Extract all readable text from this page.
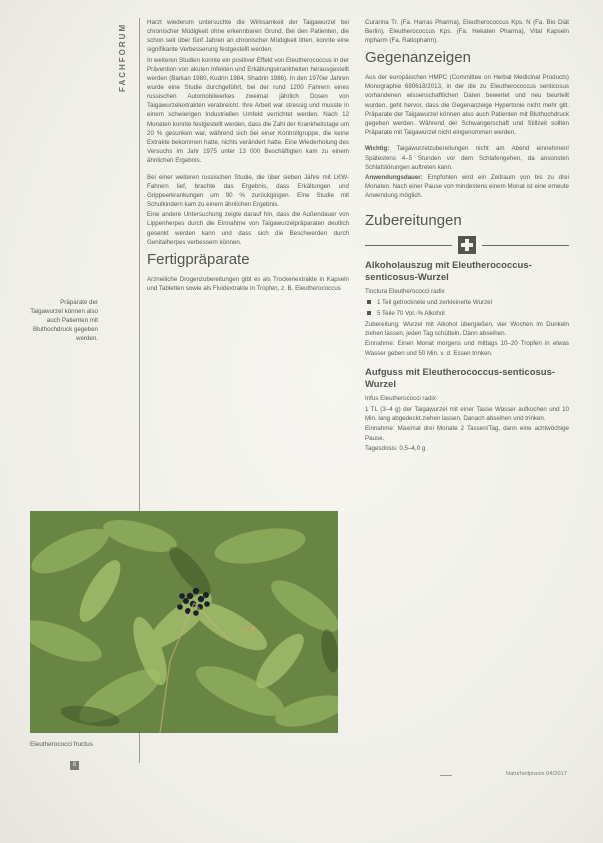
FACHFORUM
Präparate der Taigawurzel können also auch Patienten mit Bluthochdruck gegeben werden.

Harzt wiederum untersuchte die Wirksamkeit der Taigawurzel bei chronischer Müdigkeit ohne erkennbaren Grund. Bei den Patienten, die schon seit über fünf Jahren an chronischer Müdigkeit litten, konnte eine signifikante Verbesserung festgestellt werden.

In weiteren Studien konnte ein positiver Effekt von Eleutherococcus in der Prävention von akuten Infekten und Erkältungskrankheiten herausgestellt werden (Barkan 1980, Kudrin 1984, Shadrin 1986). In den 1970er Jahren wurde eine Studie durchgeführt, bei der rund 1200 Fahrern eines russischen Automobilwerkes zweimal jährlich Dosen von Taigawurzelextrakten verabreicht. Ihre Arbeit war stressig und musste in einem schwierigen Industriellen Umfeld verrichtet werden. Nach 12 Monaten konnte festgestellt werden, dass die Zahl der Krankheitstage um 20 % gesunken war, während sich bei einer Kontrollgruppe, die keine Extrakte bekommen hatte, nichts verändert hatte. Eine Wiederholung des Versuchs im Jahr 1975 unter 13 000 Beschäftigten kam zu einem ähnlichen Ergebnis.

Bei einer weiteren russischen Studie, die über sieben Jahre mit LKW-Fahrern lief, brachte das Ergebnis, dass Erkältungen und Grippeerkrankungen um 90 % zurückgingen. Eine Studie mit Schulkindern kam zu einem ähnlichen Ergebnis.

Eine andere Untersuchung zeigte darauf hin, dass die Außendauer von Lippenherpes durch die Einnahme von Taigawurzelpräparaten deutlich gesenkt werden kann und dass sich die Beschwerden durch Genitalherpes verbessern können.

Fertigpräparate

Arzneiliche Drogenzubereitungen gibt es als Trockenextrakte in Kapseln und Tabletten sowie als Fluidextrakte in Tropfen, z. B. Eleutherococcus

Eleutherococci fructus
8

Curarina Tr. (Fa. Harras Pharma), Eleutherococcus Kps. N (Fa. Bio Diät Berlin), Eleutherococcus Kps. (Fa. Hekaten Pharma), Vital Kapseln mpharm (Fa. Ratiopharm).

Gegenanzeigen

Aus der europäischen HMPC (Committee on Herbal Medicinal Products) Monographie 680618/2013, in der die zu Eleutherococcus senticosus vorhandenen wissenschaftlichen Daten bewertet und neu beurteilt wurden, geht hervor, dass die Gegenanzeige Hypertonie nicht mehr gilt. Präparate der Taigawurzel können also auch Patienten mit Bluthochdruck gegeben werden. Während der Schwangerschaft und Stillzeit sollten Präparate mit Taigawurzel nicht eingenommen werden.

Wichtig: Taigawurzelzubereitungen nicht am Abend einnehmen! Spätestens 4–5 Stunden vor dem Schlafengehen, da ansonsten Schlafstörungen auftreten kann.

Anwendungsdauer: Empfohlen wird ein Zeitraum von bis zu drei Monaten. Nach einer Pause von mindestens einem Monat ist eine erneute Anwendung möglich.

Zubereitungen
Alkoholauszug mit Eleutherococcus-senticosus-Wurzel

Tinctura Eleutherococci radix

1 Teil getrocknete und zerkleinerte Wurzel
5 Teile 70 Vol.-% Alkohol

Zubereitung: Wurzel mit Alkohol übergießen, vier Wochen im Dunkeln ziehen lassen, jeden Tag schütteln. Dann abseihen.

Einnahme: Einen Monat morgens und mittags 10–20 Tropfen in etwas Wasser geben und 50 Min. v. d. Essen trinken.

Aufguss mit Eleutherococcus-senticosus-Wurzel

Infus Eleutherococci radix

1 TL (3–4 g) der Taigawurzel mit einer Tasse Wasser aufkochen und 10 Min. lang abgedeckt ziehen lassen. Danach abseihen und trinken.

Einnahme: Maximal drei Monate 2 Tassen/Tag, dann eine achtwöchige Pause.

Tagesdosis: 0,5–4,0 g

Naturheilpraxis 04/2017
